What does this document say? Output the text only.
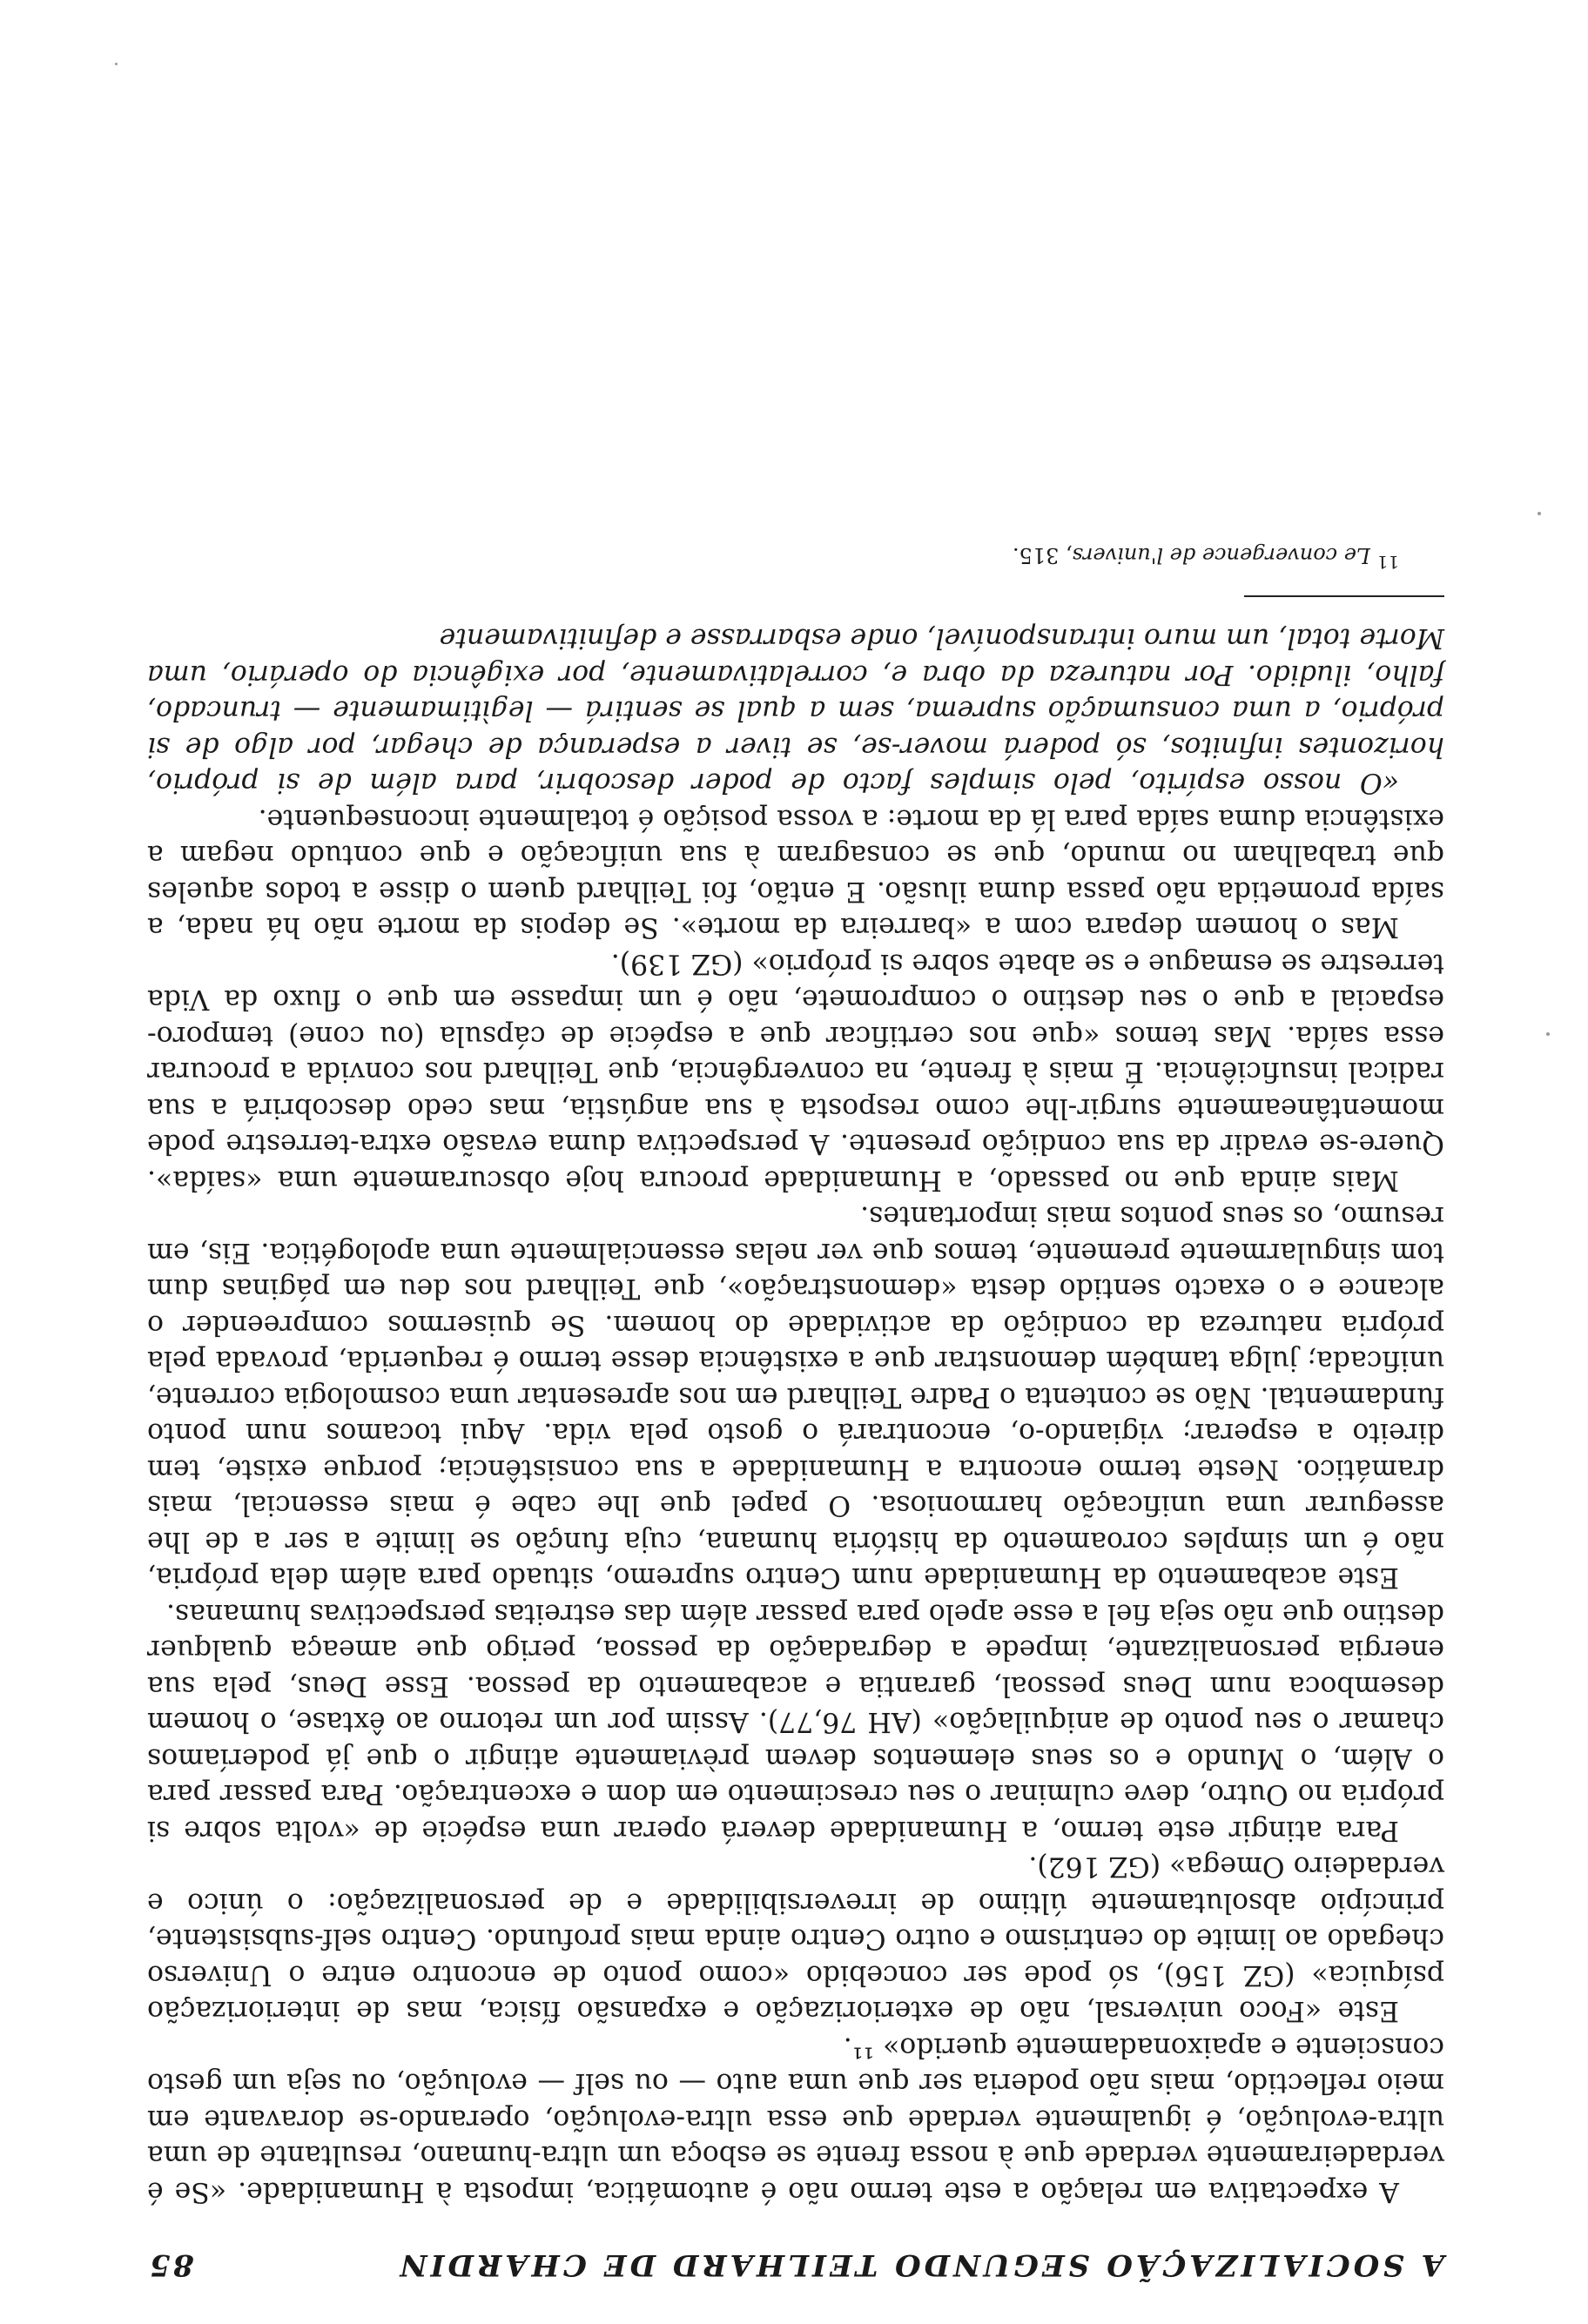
A SOCIALIZAÇÃO SEGUNDO TEILHARD DE CHARDIN
85

A expectativa em relação a este termo não é automática, imposta à Humanidade. «Se é verdadeiramente verdade que à nossa frente se esboça um ultra-humano, resultante de uma ultra-evolução, é igualmente verdade que essa ultra-evolução, operando-se doravante em meio reflectido, mais não poderia ser que uma auto — ou self — evolução, ou seja um gesto consciente e apaixonadamente querido» ¹¹.

Este «Foco universal, não de exteriorização e expansão física, mas de interiorização psíquica» (GZ 156), só pode ser concebido «como ponto de encontro entre o Universo chegado ao limite do centrismo e outro Centro ainda mais profundo. Centro self-subsistente, princípio absolutamente último de irreversibilidade e de personalização: o único e verdadeiro Omega» (GZ 162).

Para atingir este termo, a Humanidade deverá operar uma espécie de «volta sobre si própria no Outro, deve culminar o seu crescimento em dom e excentração. Para passar para o Além, o Mundo e os seus elementos devem prèviamente atingir o que já poderíamos chamar o seu ponto de aniquilação» (AH 76,77). Assim por um retorno ao êxtase, o homem desemboca num Deus pessoal, garantia e acabamento da pessoa. Esse Deus, pela sua energia personalizante, impede a degradação da pessoa, perigo que ameaça qualquer destino que não seja fiel a esse apelo para passar além das estreitas perspectivas humanas.

Este acabamento da Humanidade num Centro supremo, situado para além dela própria, não é um simples coroamento da história humana, cuja função se limite a ser a de lhe assegurar uma unificação harmoniosa. O papel que lhe cabe é mais essencial, mais dramático. Neste termo encontra a Humanidade a sua consistência; porque existe, tem direito a esperar; vigiando-o, encontrará o gosto pela vida. Aqui tocamos num ponto fundamental. Não se contenta o Padre Teilhard em nos apresentar uma cosmologia corrente, unificada; julga também demonstrar que a existência desse termo é requerida, provada pela própria natureza da condição da actividade do homem. Se quisermos compreender o alcance e o exacto sentido desta «demonstração», que Teilhard nos deu em páginas dum tom singularmente premente, temos que ver nelas essencialmente uma apologética. Eis, em resumo, os seus pontos mais importantes.

Mais ainda que no passado, a Humanidade procura hoje obscuramente uma «saída». Quere-se evadir da sua condição presente. A perspectiva duma evasão extra-terrestre pode momentâneamente surgir-lhe como resposta à sua angústia, mas cedo descobrirá a sua radical insuficiência. É mais à frente, na convergência, que Teilhard nos convida a procurar essa saída. Mas temos «que nos certificar que a espécie de cápsula (ou cone) temporo-espacial a que o seu destino o compromete, não é um impasse em que o fluxo da Vida terrestre se esmague e se abate sobre si próprio» (GZ 139).

Mas o homem depara com a «barreira da morte». Se depois da morte não há nada, a saída prometida não passa duma ilusão. E então, foi Teilhard quem o disse a todos aqueles que trabalham no mundo, que se consagram à sua unificação e que contudo negam a existência duma saída para lá da morte: a vossa posição é totalmente inconsequente.

«O nosso espírito, pelo simples facto de poder descobrir, para além de si próprio, horizontes infinitos, só poderá mover-se, se tiver a esperança de chegar, por algo de si próprio, a uma consumação suprema, sem a qual se sentirá — legìtimamente — truncado, falho, iludido. Por natureza da obra e, correlativamente, por exigência do operário, uma Morte total, um muro intransponível, onde esbarrasse e definitivamente

$^{11}$ Le convergence de l'univers, 315.
